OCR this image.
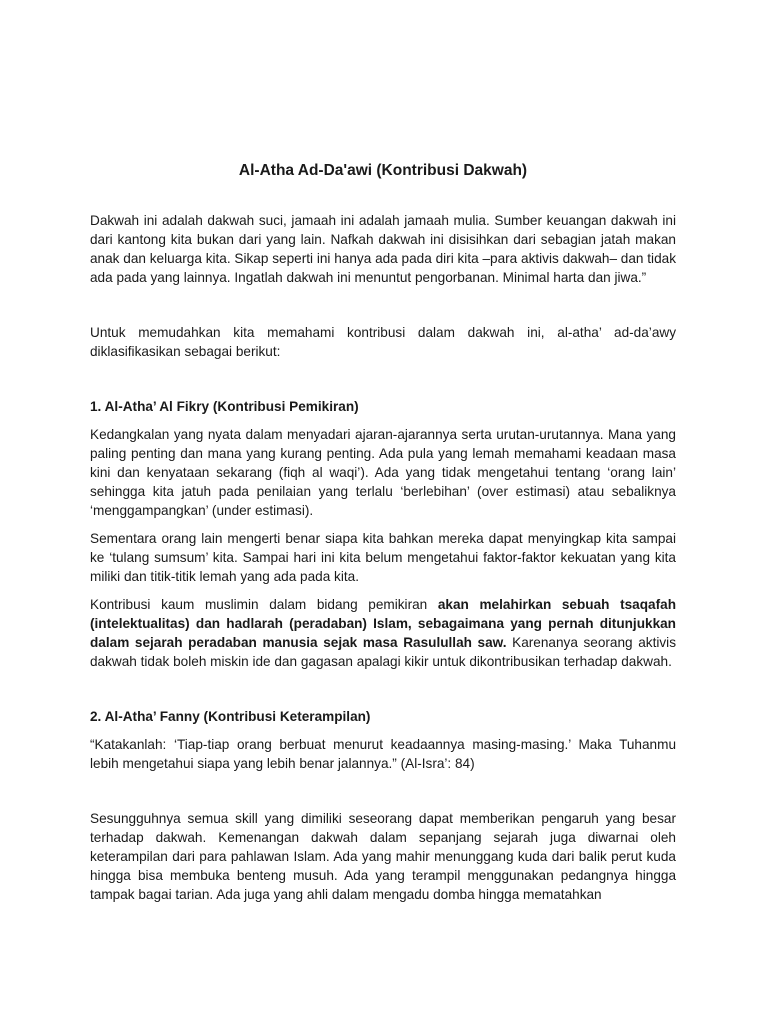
Al-Atha Ad-Da'awi (Kontribusi Dakwah)

Dakwah ini adalah dakwah suci, jamaah ini adalah jamaah mulia. Sumber keuangan dakwah ini dari kantong kita bukan dari yang lain. Nafkah dakwah ini disisihkan dari sebagian jatah makan anak dan keluarga kita. Sikap seperti ini hanya ada pada diri kita –para aktivis dakwah– dan tidak ada pada yang lainnya. Ingatlah dakwah ini menuntut pengorbanan. Minimal harta dan jiwa.”

Untuk memudahkan kita memahami kontribusi dalam dakwah ini, al-atha’ ad-da’awy diklasifikasikan sebagai berikut:

1. Al-Atha’ Al Fikry (Kontribusi Pemikiran)

Kedangkalan yang nyata dalam menyadari ajaran-ajarannya serta urutan-urutannya. Mana yang paling penting dan mana yang kurang penting. Ada pula yang lemah memahami keadaan masa kini dan kenyataan sekarang (fiqh al waqi’). Ada yang tidak mengetahui tentang ‘orang lain’ sehingga kita jatuh pada penilaian yang terlalu ‘berlebihan’ (over estimasi) atau sebaliknya ‘menggampangkan’ (under estimasi).

Sementara orang lain mengerti benar siapa kita bahkan mereka dapat menyingkap kita sampai ke ‘tulang sumsum’ kita. Sampai hari ini kita belum mengetahui faktor-faktor kekuatan yang kita miliki dan titik-titik lemah yang ada pada kita.

Kontribusi kaum muslimin dalam bidang pemikiran akan melahirkan sebuah tsaqafah (intelektualitas) dan hadlarah (peradaban) Islam, sebagaimana yang pernah ditunjukkan dalam sejarah peradaban manusia sejak masa Rasulullah saw. Karenanya seorang aktivis dakwah tidak boleh miskin ide dan gagasan apalagi kikir untuk dikontribusikan terhadap dakwah.

2. Al-Atha’ Fanny (Kontribusi Keterampilan)

“Katakanlah: ‘Tiap-tiap orang berbuat menurut keadaannya masing-masing.’ Maka Tuhanmu lebih mengetahui siapa yang lebih benar jalannya.” (Al-Isra’: 84)

Sesungguhnya semua skill yang dimiliki seseorang dapat memberikan pengaruh yang besar terhadap dakwah. Kemenangan dakwah dalam sepanjang sejarah juga diwarnai oleh keterampilan dari para pahlawan Islam. Ada yang mahir menunggang kuda dari balik perut kuda hingga bisa membuka benteng musuh. Ada yang terampil menggunakan pedangnya hingga tampak bagai tarian. Ada juga yang ahli dalam mengadu domba hingga mematahkan
